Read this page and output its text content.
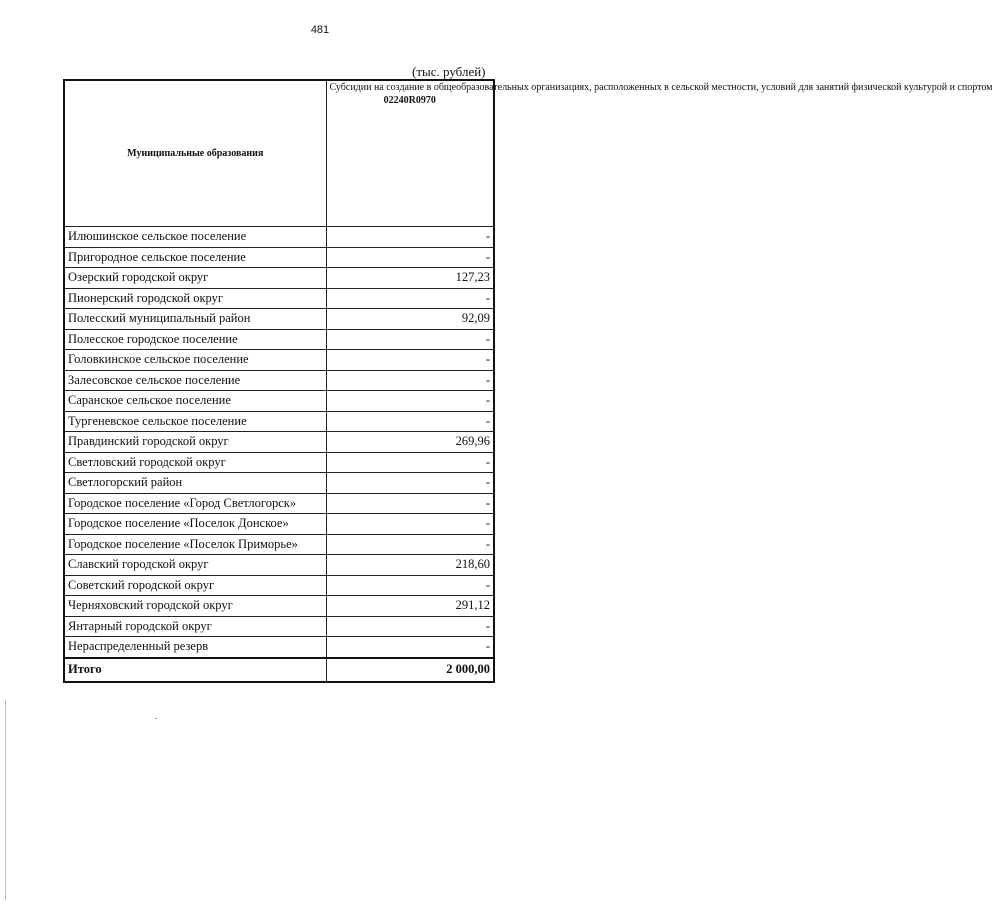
481
(тыс. рублей)
Муниципальные образования	Субсидии на создание в общеобразовательных организациях, расположенных в сельской местности, условий для занятий физической культурой и спортом
02240R0970

Илюшинское сельское поселение	-
Пригородное сельское поселение	-
Озерский городской округ	127,23
Пионерский городской округ	-
Полесский муниципальный район	92,09
Полесское городское поселение	-
Головкинское сельское поселение	-
Залесовское сельское поселение	-
Саранское сельское поселение	-
Тургеневское сельское поселение	-
Правдинский городской округ	269,96
Светловский городской округ	-
Светлогорский район	-
Городское поселение «Город Светлогорск»	-
Городское поселение «Поселок Донское»	-
Городское поселение «Поселок Приморье»	-
Славский городской округ	218,60
Советский городской округ	-
Черняховский городской округ	291,12
Янтарный городской округ	-
Нераспределенный резерв	-
Итого	2 000,00
